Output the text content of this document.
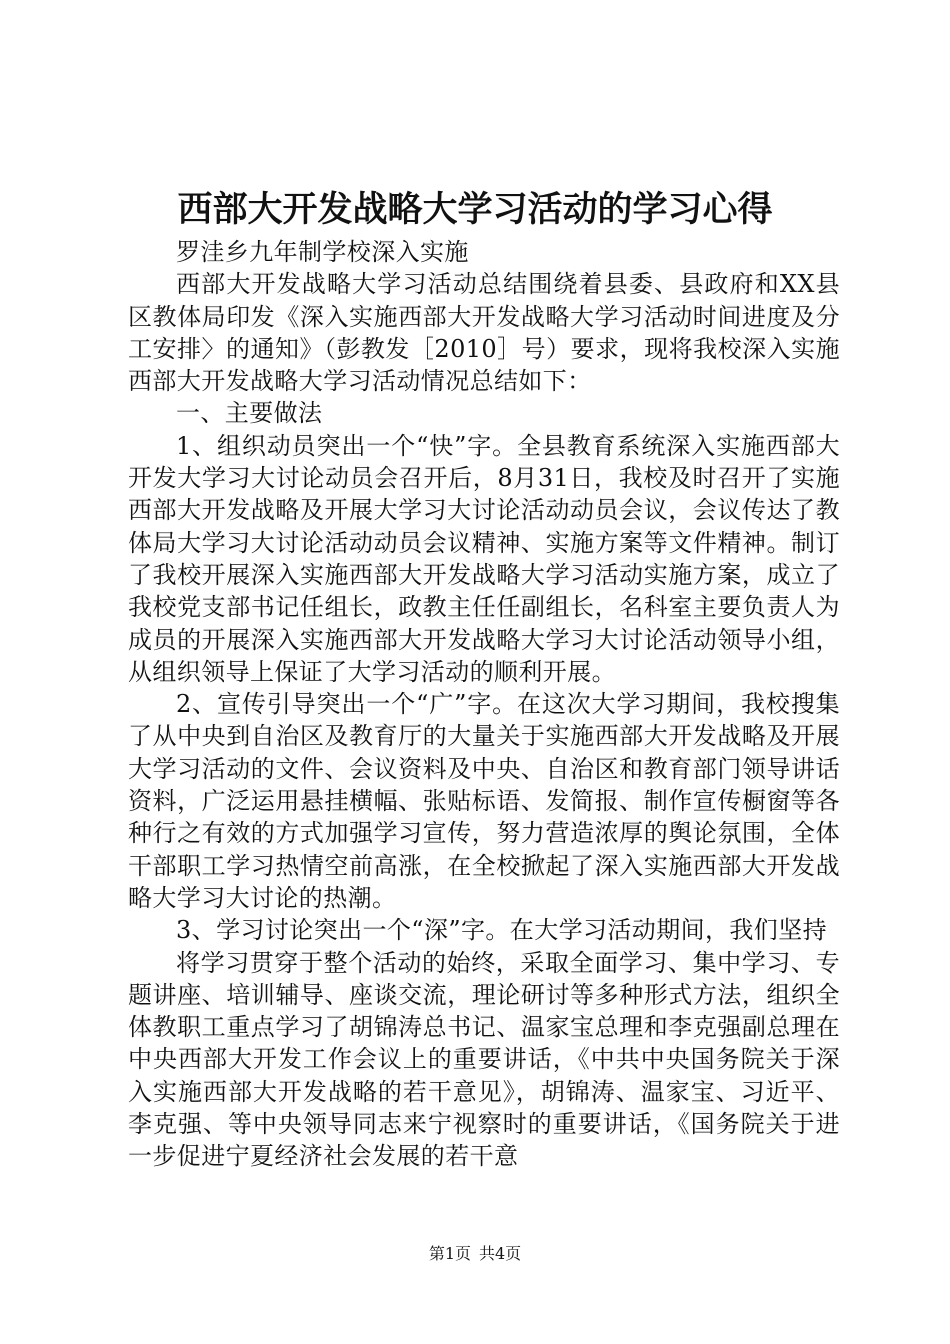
西部大开发战略大学习活动的学习心得

罗洼乡九年制学校深入实施

西部大开发战略大学习活动总结围绕着县委、县政府和XX县区教体局印发《深入实施西部大开发战略大学习活动时间进度及分工安排〉的通知》（彭教发［2010］号）要求，现将我校深入实施西部大开发战略大学习活动情况总结如下：

一、主要做法

1、组织动员突出一个“快”字。全县教育系统深入实施西部大开发大学习大讨论动员会召开后，8月31日，我校及时召开了实施西部大开发战略及开展大学习大讨论活动动员会议，会议传达了教体局大学习大讨论活动动员会议精神、实施方案等文件精神。制订了我校开展深入实施西部大开发战略大学习活动实施方案，成立了我校党支部书记任组长，政教主任任副组长，名科室主要负责人为成员的开展深入实施西部大开发战略大学习大讨论活动领导小组，从组织领导上保证了大学习活动的顺利开展。

2、宣传引导突出一个“广”字。在这次大学习期间，我校搜集了从中央到自治区及教育厅的大量关于实施西部大开发战略及开展大学习活动的文件、会议资料及中央、自治区和教育部门领导讲话资料，广泛运用悬挂横幅、张贴标语、发简报、制作宣传橱窗等各种行之有效的方式加强学习宣传，努力营造浓厚的舆论氛围，全体干部职工学习热情空前高涨，在全校掀起了深入实施西部大开发战略大学习大讨论的热潮。

3、学习讨论突出一个“深”字。在大学习活动期间，我们坚持

将学习贯穿于整个活动的始终，采取全面学习、集中学习、专题讲座、培训辅导、座谈交流，理论研讨等多种形式方法，组织全体教职工重点学习了胡锦涛总书记、温家宝总理和李克强副总理在中央西部大开发工作会议上的重要讲话，《中共中央国务院关于深入实施西部大开发战略的若干意见》，胡锦涛、温家宝、习近平、李克强、等中央领导同志来宁视察时的重要讲话，《国务院关于进一步促进宁夏经济社会发展的若干意

第1页 共4页
